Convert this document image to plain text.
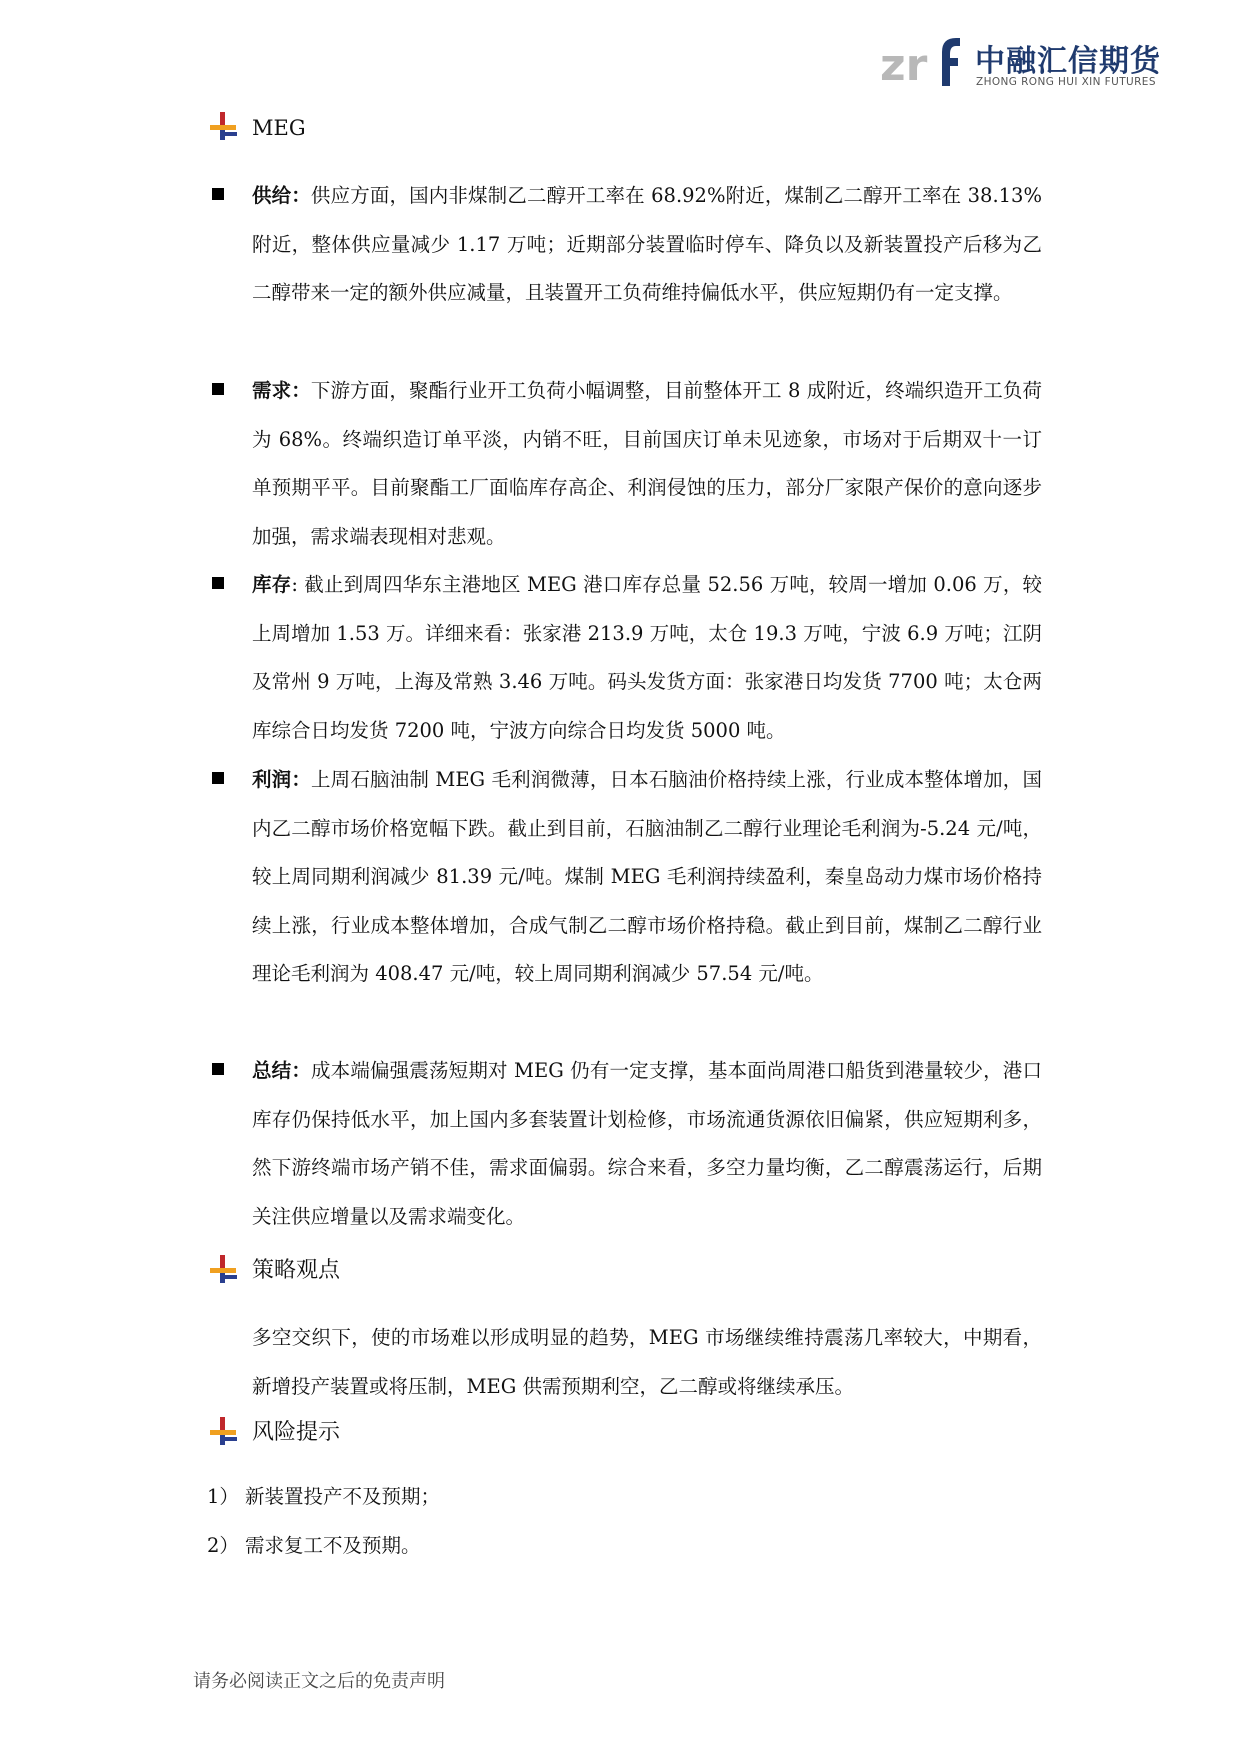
zr 中融汇信期货
ZHONG RONG HUI XIN FUTURES
MEG
供给：供应方面，国内非煤制乙二醇开工率在 68.92%附近，煤制乙二醇开工率在 38.13%附近，整体供应量减少 1.17 万吨；近期部分装置临时停车、降负以及新装置投产后移为乙二醇带来一定的额外供应减量，且装置开工负荷维持偏低水平，供应短期仍有一定支撑。
需求：下游方面，聚酯行业开工负荷小幅调整，目前整体开工 8 成附近，终端织造开工负荷为 68%。终端织造订单平淡，内销不旺，目前国庆订单未见迹象，市场对于后期双十一订单预期平平。目前聚酯工厂面临库存高企、利润侵蚀的压力，部分厂家限产保价的意向逐步加强，需求端表现相对悲观。
库存: 截止到周四华东主港地区 MEG 港口库存总量 52.56 万吨，较周一增加 0.06 万，较上周增加 1.53 万。详细来看：张家港 213.9 万吨，太仓 19.3 万吨，宁波 6.9 万吨；江阴及常州 9 万吨，上海及常熟 3.46 万吨。码头发货方面：张家港日均发货 7700 吨；太仓两库综合日均发货 7200 吨，宁波方向综合日均发货 5000 吨。
利润：上周石脑油制 MEG 毛利润微薄，日本石脑油价格持续上涨，行业成本整体增加，国内乙二醇市场价格宽幅下跌。截止到目前，石脑油制乙二醇行业理论毛利润为-5.24 元/吨，较上周同期利润减少 81.39 元/吨。煤制 MEG 毛利润持续盈利，秦皇岛动力煤市场价格持续上涨，行业成本整体增加，合成气制乙二醇市场价格持稳。截止到目前，煤制乙二醇行业理论毛利润为 408.47 元/吨，较上周同期利润减少 57.54 元/吨。
总结：成本端偏强震荡短期对 MEG 仍有一定支撑，基本面尚周港口船货到港量较少，港口库存仍保持低水平，加上国内多套装置计划检修，市场流通货源依旧偏紧，供应短期利多，然下游终端市场产销不佳，需求面偏弱。综合来看，多空力量均衡，乙二醇震荡运行，后期关注供应增量以及需求端变化。
策略观点
多空交织下，使的市场难以形成明显的趋势，MEG 市场继续维持震荡几率较大，中期看，新增投产装置或将压制，MEG 供需预期利空，乙二醇或将继续承压。
风险提示
1） 新装置投产不及预期；
2） 需求复工不及预期。
请务必阅读正文之后的免责声明
